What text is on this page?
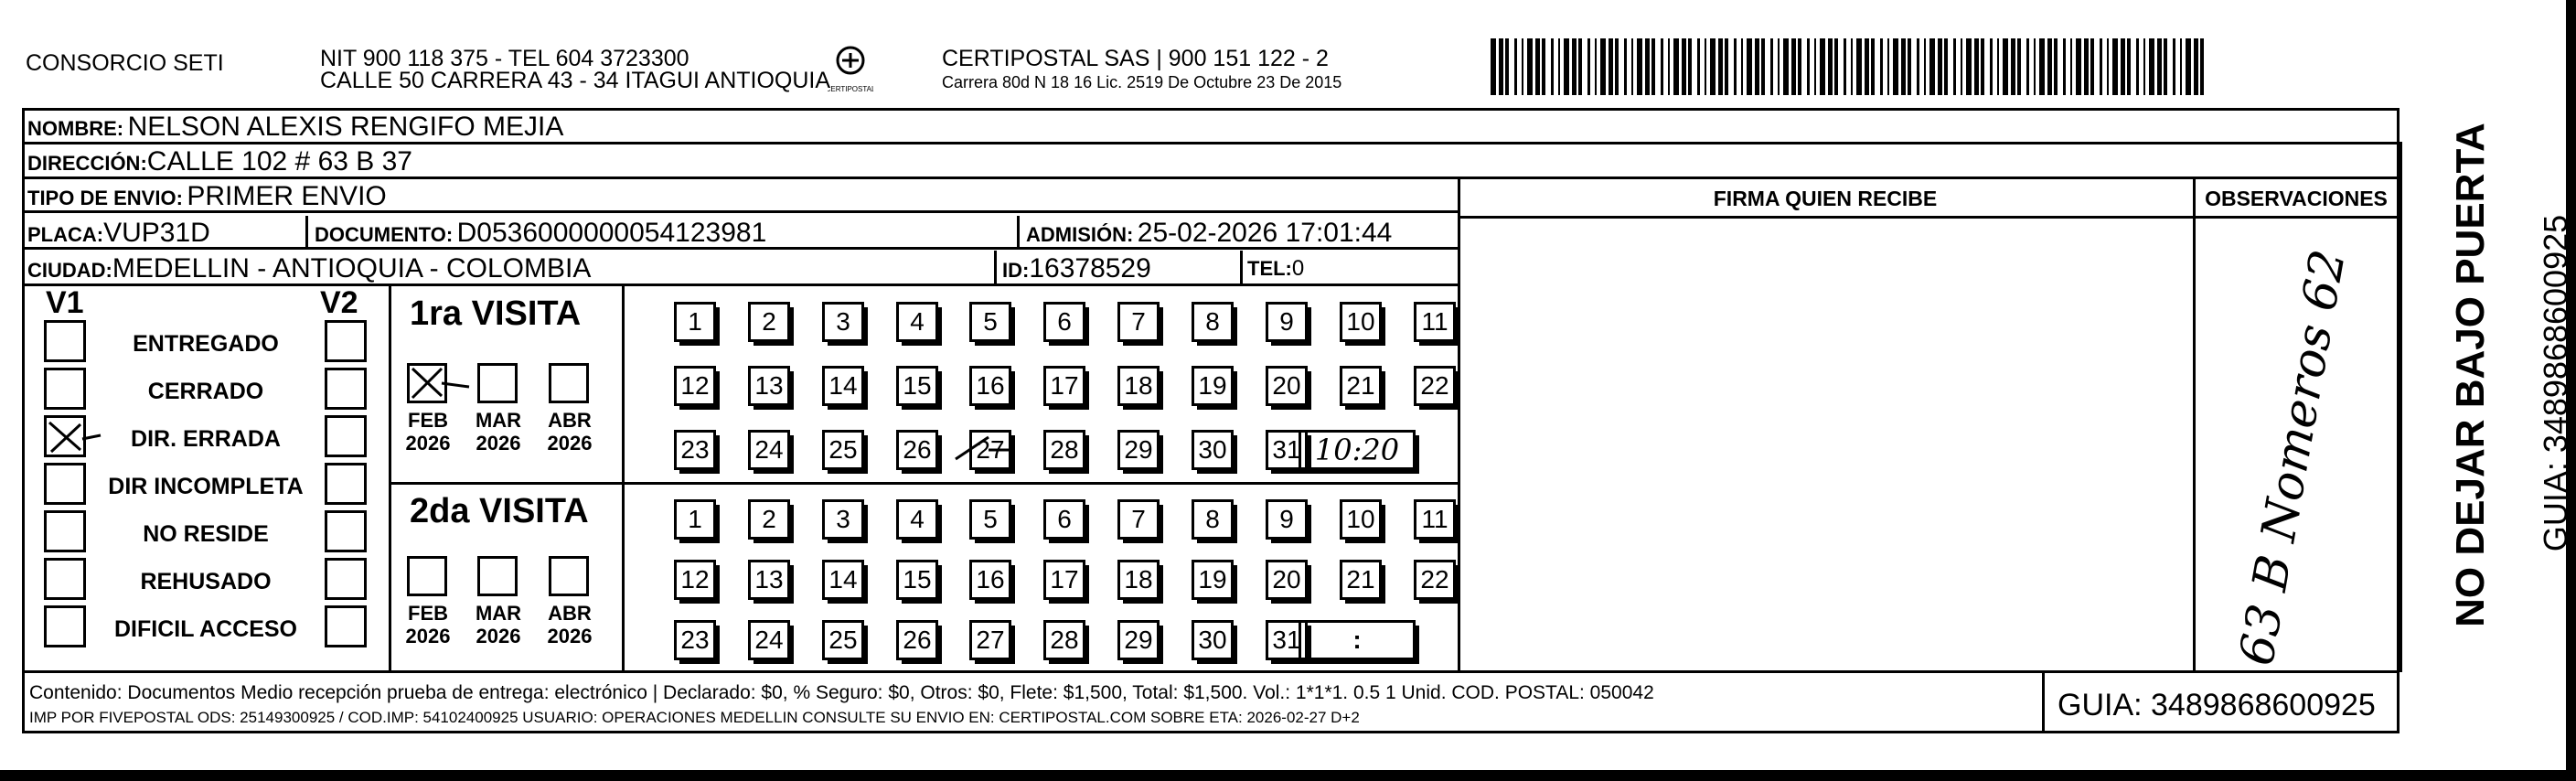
CONSORCIO SETI	NIT 900 118 375 - TEL 604 3723300
CALLE 50 CARRERA 43 - 34 ITAGUI ANTIOQUIA
CERTIPOSTAL
CERTIPOSTAL SAS | 900 151 122 - 2
Carrera 80d N 18 16 Lic. 2519 De Octubre 23 De 2015
NOMBRE: NELSON ALEXIS RENGIFO MEJIA
DIRECCIÓN:CALLE 102 # 63 B 37
TIPO DE ENVIO: PRIMER ENVIO
PLACA:VUP31D	DOCUMENTO: D0536000000054123981	ADMISIÓN: 25-02-2026 17:01:44
CIUDAD:MEDELLIN - ANTIOQUIA - COLOMBIA	ID:16378529	TEL:0
FIRMA QUIEN RECIBE	OBSERVACIONES
63 B Nomeros 62
V1	V2
ENTREGADO
CERRADO
DIR. ERRADA
DIR INCOMPLETA
NO RESIDE
REHUSADO
DIFICIL ACCESO
1ra VISITA
2da VISITA
FEB
2026
MAR
2026
ABR
2026
FEB
2026
MAR
2026
ABR
2026
1	2	3	4	5	6	7	8	9	10	11
12 13 14 15 16 17 18 19 20 21 22
23 24 25 26 27 28 29 30 31 10:20
1	2	3	4	5	6	7	8	9	10	11
12 13 14 15 16 17 18 19 20 21 22
23 24 25 26 27 28 29 30 31 :
Contenido: Documentos Medio recepción prueba de entrega: electrónico | Declarado: $0, % Seguro: $0, Otros: $0, Flete: $1,500, Total: $1,500. Vol.: 1*1*1. 0.5 1 Unid. COD. POSTAL: 050042
IMP POR FIVEPOSTAL ODS: 25149300925 / COD.IMP: 54102400925 USUARIO: OPERACIONES MEDELLIN CONSULTE SU ENVIO EN: CERTIPOSTAL.COM SOBRE ETA: 2026-02-27 D+2	GUIA: 3489868600925
NO DEJAR BAJO PUERTA GUIA: 3489868600925
